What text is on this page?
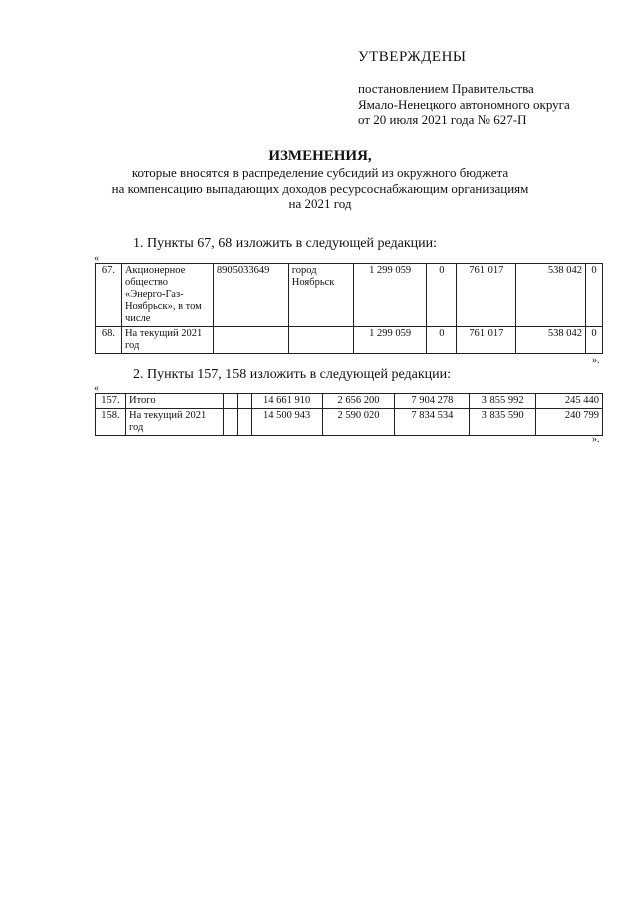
УТВЕРЖДЕНЫ
постановлением Правительства
Ямало-Ненецкого автономного округа
от 20 июля 2021 года № 627-П
ИЗМЕНЕНИЯ,
которые вносятся в распределение субсидий из окружного бюджета
на компенсацию выпадающих доходов ресурсоснабжающим организациям
на 2021 год
1. Пункты 67, 68 изложить в следующей редакции:
«
67.	Акционерное общество «Энерго-Газ-Ноябрьск», в том числе	8905033649	город Ноябрьск	1 299 059	0	761 017	538 042	0
68.	На текущий 2021 год			1 299 059	0	761 017	538 042	0
».
2. Пункты 157, 158 изложить в следующей редакции:
«
157.	Итого			14 661 910	2 656 200	7 904 278	3 855 992	245 440
158.	На текущий 2021 год			14 500 943	2 590 020	7 834 534	3 835 590	240 799
».
